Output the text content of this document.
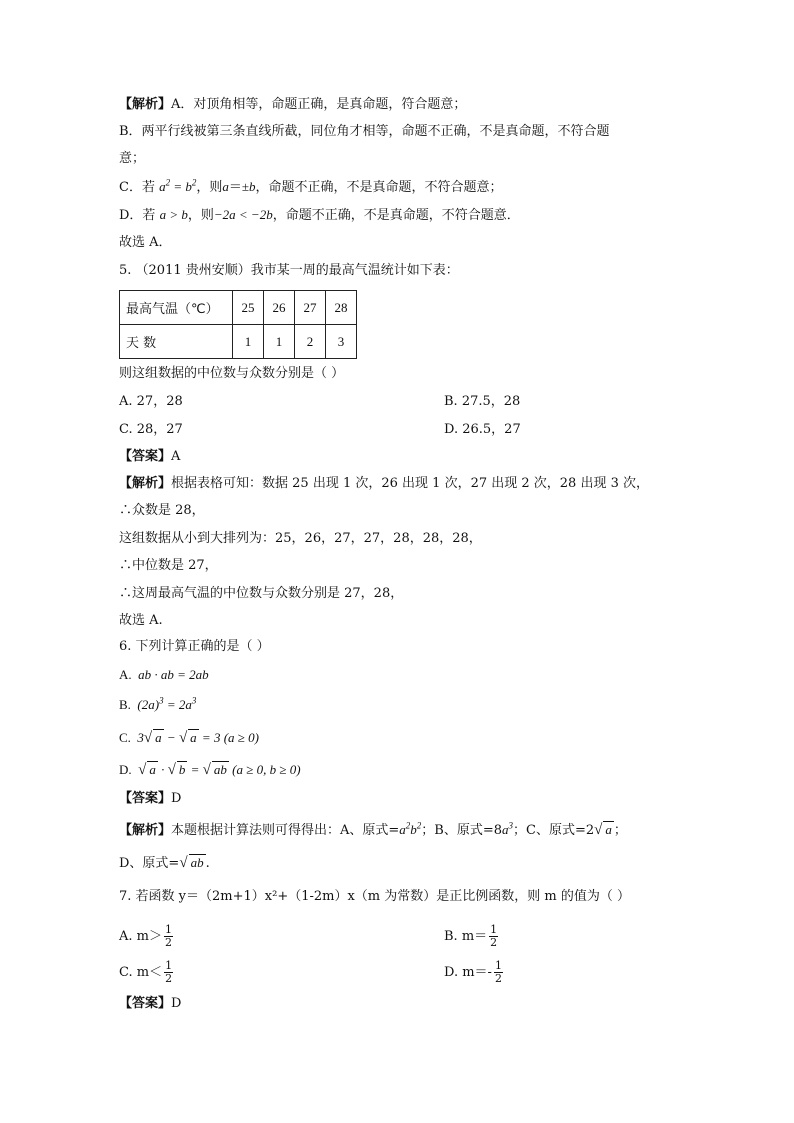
【解析】A．对顶角相等，命题正确，是真命题，符合题意；
B．两平行线被第三条直线所截，同位角才相等，命题不正确，不是真命题，不符合题
意；
C．若 $a^2 = b^2$，则a＝±b，命题不正确，不是真命题，不符合题意；
D．若 a > b，则−2a < −2b，命题不正确，不是真命题，不符合题意．
故选 A．
5. （2011 贵州安顺）我市某一周的最高气温统计如下表：
最高气温（℃）	25	26	27	28
天 数	1	1	2	3
则这组数据的中位数与众数分别是（ ）
A. 27，28	B. 27.5，28
C. 28，27	D. 26.5，27
【答案】A
【解析】根据表格可知：数据 25 出现 1 次，26 出现 1 次，27 出现 2 次，28 出现 3 次，
∴众数是 28，
这组数据从小到大排列为：25，26，27，27，28，28，28，
∴中位数是 27，
∴这周最高气温的中位数与众数分别是 27，28，
故选 A.
6. 下列计算正确的是（ ）
A.  ab · ab = 2ab
B.  $(2a)^3 = 2a^3$
C.  3√ a − √ a = 3 (a ≥ 0)
D.  √ a · √ b = √ ab (a ≥ 0, b ≥ 0)
【答案】D
【解析】本题根据计算法则可得得出：A、原式$=a^2b^2$；B、原式$=8a^3$；C、原式=2√ a ；
D、原式=√ ab .
7. 若函数 y＝（2m+1）x²+（1-2m）x（m 为常数）是正比例函数，则 m 的值为（ ）
A. $m> \frac{1}{2}$	B. $m= \frac{1}{2}$
C. $m< \frac{1}{2}$	D. $m=- \frac{1}{2}$
【答案】D
